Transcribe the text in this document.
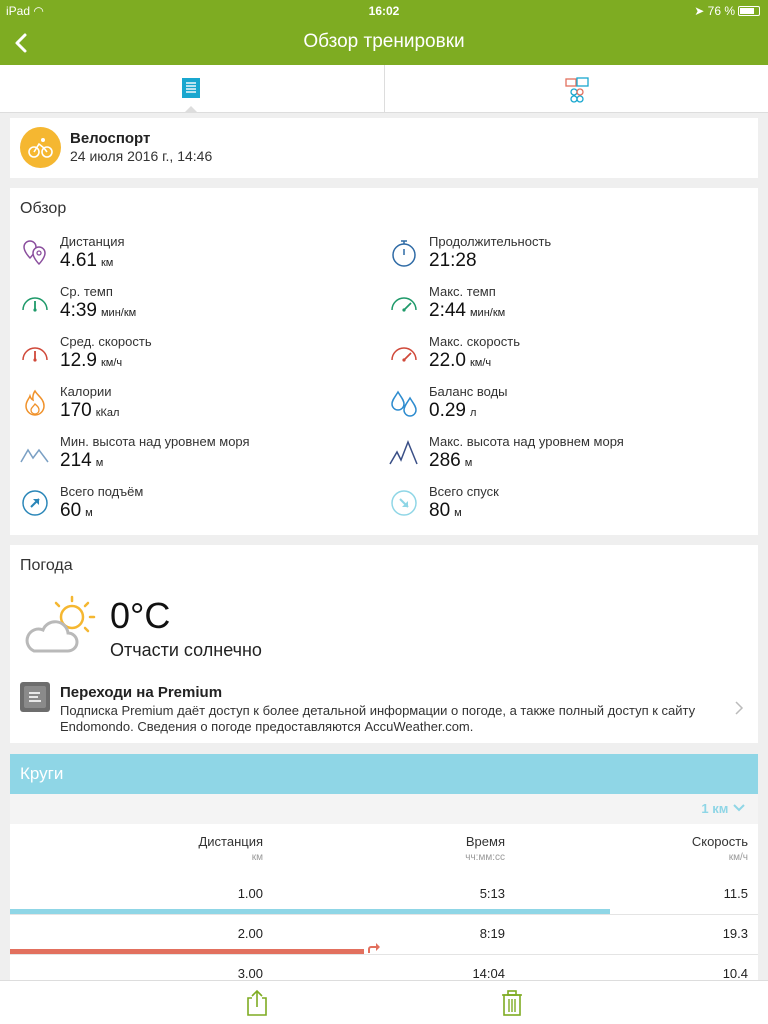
iPad ◠	16:02	➤ 76 %
Обзор тренировки
Велоспорт
24 июля 2016 г., 14:46
Обзор
Дистанция
4.61 км
Продолжительность
21:28
Ср. темп
4:39 мин/км
Макс. темп
2:44 мин/км
Сред. скорость
12.9 км/ч
Макс. скорость
22.0 км/ч
Калории
170 кКал
Баланс воды
0.29 л
Мин. высота над уровнем моря
214 м
Макс. высота над уровнем моря
286 м
Всего подъём
60 м
Всего спуск
80 м
Погода
0°C
Отчасти солнечно
Переходи на Premium
Подписка Premium даёт доступ к более детальной информации о погоде, а также полный доступ к сайту Endomondo. Сведения о погоде предоставляются AccuWeather.com.
Круги
1 км
Дистанция
км
Время
чч:мм:сс
Скорость
км/ч
1.00	5:13	11.5
2.00	8:19	19.3
3.00	14:04	10.4
